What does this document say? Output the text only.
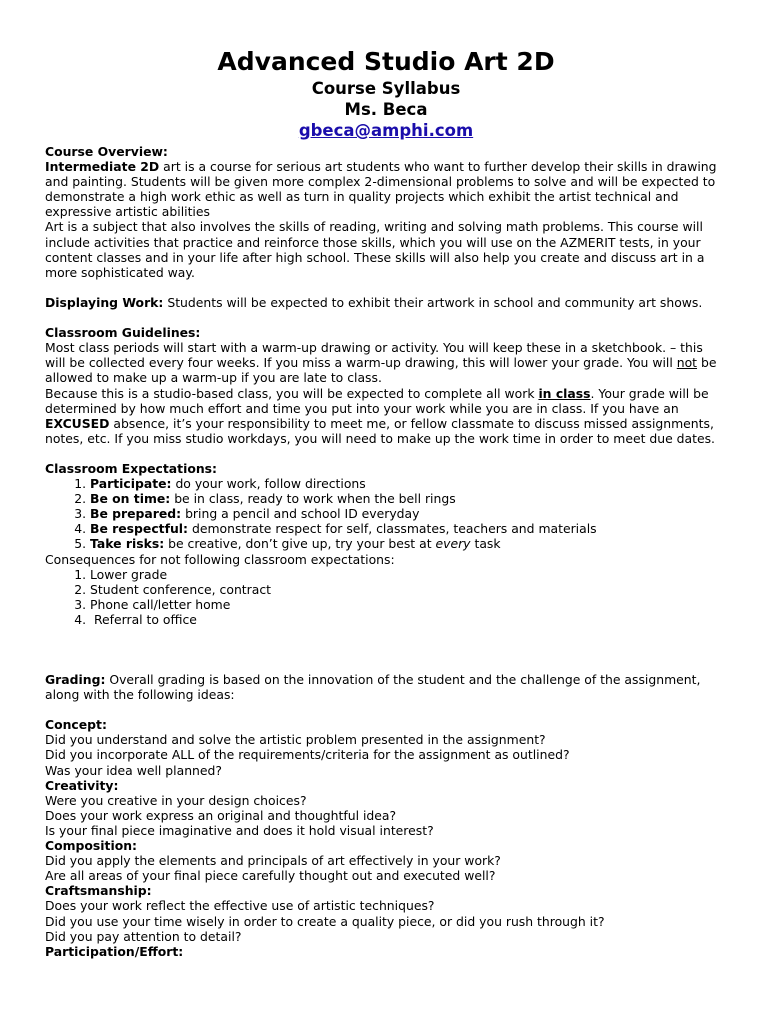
Advanced Studio Art 2D
Course Syllabus
Ms. Beca
gbeca@amphi.com
Course Overview:
Intermediate 2D art is a course for serious art students who want to further develop their skills in drawing and painting. Students will be given more complex 2-dimensional problems to solve and will be expected to demonstrate a high work ethic as well as turn in quality projects which exhibit the artist technical and expressive artistic abilities
Art is a subject that also involves the skills of reading, writing and solving math problems. This course will include activities that practice and reinforce those skills, which you will use on the AZMERIT tests, in your content classes and in your life after high school. These skills will also help you create and discuss art in a more sophisticated way.
Displaying Work: Students will be expected to exhibit their artwork in school and community art shows.
Classroom Guidelines:
Most class periods will start with a warm-up drawing or activity. You will keep these in a sketchbook. – this will be collected every four weeks. If you miss a warm-up drawing, this will lower your grade. You will not be allowed to make up a warm-up if you are late to class.
Because this is a studio-based class, you will be expected to complete all work in class. Your grade will be determined by how much effort and time you put into your work while you are in class. If you have an EXCUSED absence, it’s your responsibility to meet me, or fellow classmate to discuss missed assignments, notes, etc. If you miss studio workdays, you will need to make up the work time in order to meet due dates.
Classroom Expectations:
1. Participate: do your work, follow directions
2. Be on time: be in class, ready to work when the bell rings
3. Be prepared: bring a pencil and school ID everyday
4. Be respectful: demonstrate respect for self, classmates, teachers and materials
5. Take risks: be creative, don’t give up, try your best at every task
Consequences for not following classroom expectations:
1. Lower grade
2. Student conference, contract
3. Phone call/letter home
4.  Referral to office
Grading: Overall grading is based on the innovation of the student and the challenge of the assignment, along with the following ideas:
Concept:
Did you understand and solve the artistic problem presented in the assignment?
Did you incorporate ALL of the requirements/criteria for the assignment as outlined?
Was your idea well planned?
Creativity:
Were you creative in your design choices?
Does your work express an original and thoughtful idea?
Is your final piece imaginative and does it hold visual interest?
Composition:
Did you apply the elements and principals of art effectively in your work?
Are all areas of your final piece carefully thought out and executed well?
Craftsmanship:
Does your work reflect the effective use of artistic techniques?
Did you use your time wisely in order to create a quality piece, or did you rush through it?
Did you pay attention to detail?
Participation/Effort:
